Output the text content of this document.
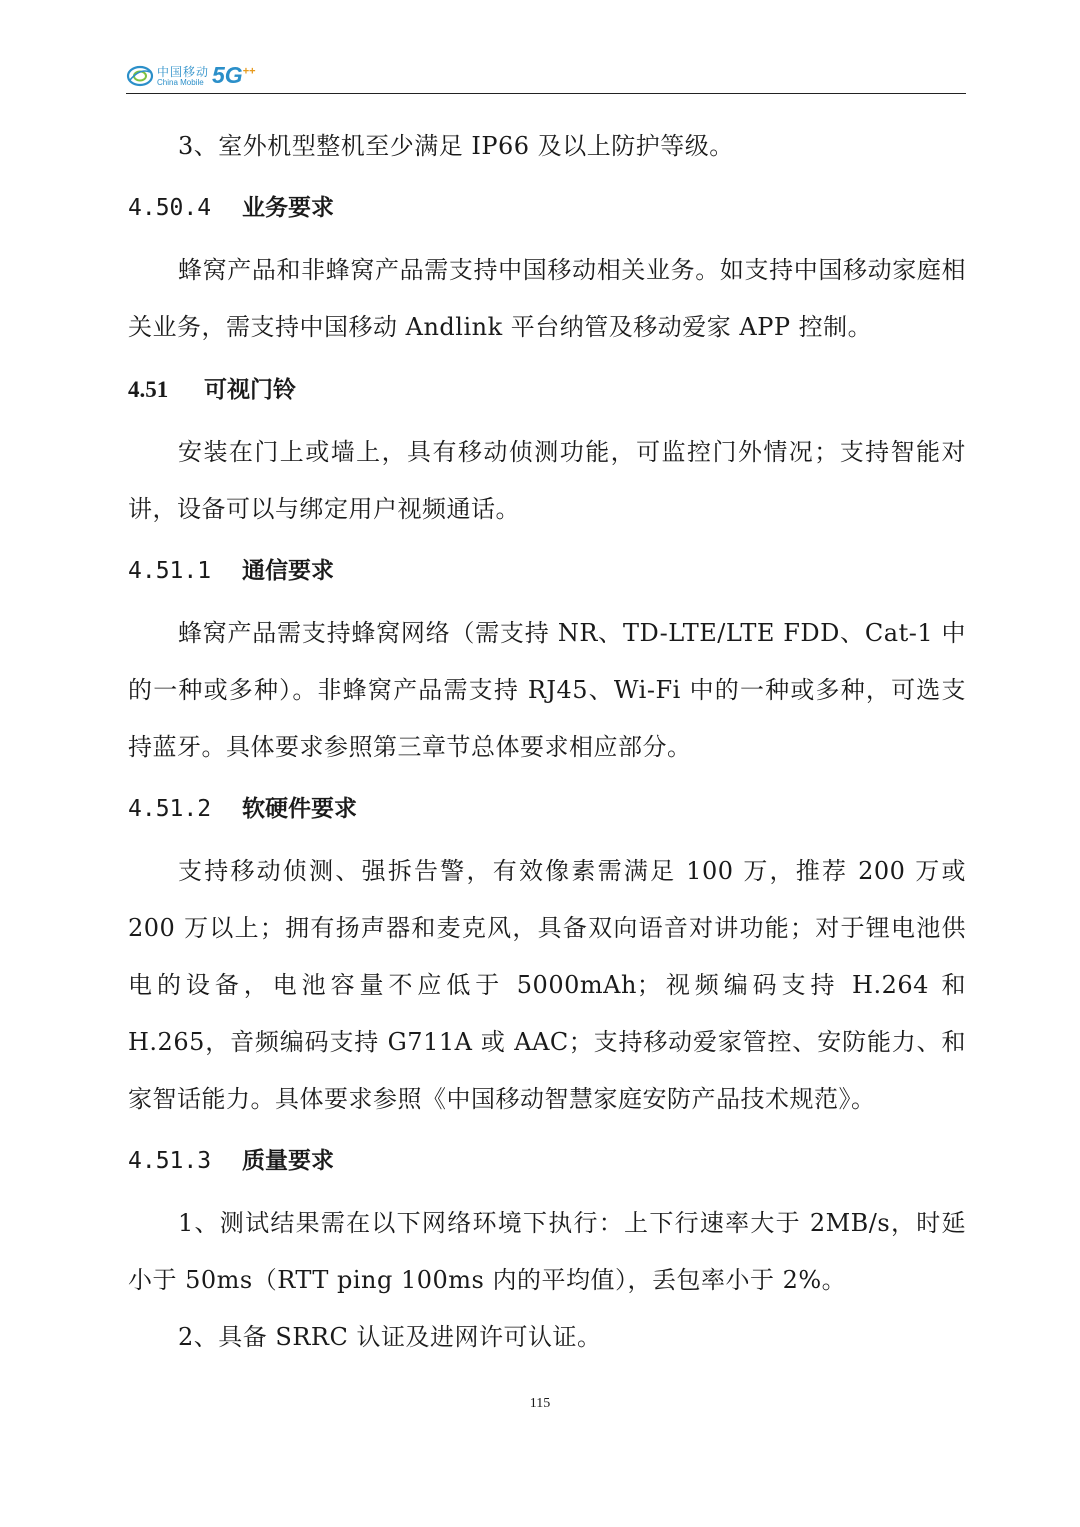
中国移动
China Mobile 5G++

3、室外机型整机至少满足 IP66 及以上防护等级。

4.50.4 业务要求

蜂窝产品和非蜂窝产品需支持中国移动相关业务。如支持中国移动家庭相关业务，需支持中国移动 Andlink 平台纳管及移动爱家 APP 控制。

4.51 可视门铃

安装在门上或墙上，具有移动侦测功能，可监控门外情况；支持智能对讲，设备可以与绑定用户视频通话。

4.51.1 通信要求

蜂窝产品需支持蜂窝网络（需支持 NR、TD-LTE/LTE FDD、Cat-1 中的一种或多种）。非蜂窝产品需支持 RJ45、Wi-Fi 中的一种或多种，可选支持蓝牙。具体要求参照第三章节总体要求相应部分。

4.51.2 软硬件要求

支持移动侦测、强拆告警，有效像素需满足 100 万，推荐 200 万或 200 万以上；拥有扬声器和麦克风，具备双向语音对讲功能；对于锂电池供电的设备，电池容量不应低于 5000mAh；视频编码支持 H.264 和 H.265，音频编码支持 G711A 或 AAC；支持移动爱家管控、安防能力、和家智话能力。具体要求参照《中国移动智慧家庭安防产品技术规范》。

4.51.3 质量要求

1、测试结果需在以下网络环境下执行：上下行速率大于 2MB/s，时延小于 50ms（RTT ping 100ms 内的平均值），丢包率小于 2%。

2、具备 SRRC 认证及进网许可认证。

115
